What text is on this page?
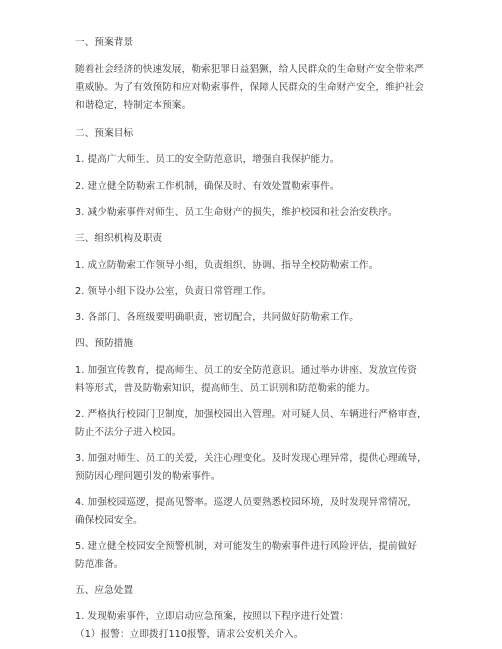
一、预案背景
随着社会经济的快速发展，勒索犯罪日益猖獗，给人民群众的生命财产安全带来严
重威胁。为了有效预防和应对勒索事件，保障人民群众的生命财产安全，维护社会
和谐稳定，特制定本预案。
二、预案目标
1. 提高广大师生、员工的安全防范意识，增强自我保护能力。
2. 建立健全防勒索工作机制，确保及时、有效处置勒索事件。
3. 减少勒索事件对师生、员工生命财产的损失，维护校园和社会治安秩序。
三、组织机构及职责
1. 成立防勒索工作领导小组，负责组织、协调、指导全校防勒索工作。
2. 领导小组下设办公室，负责日常管理工作。
3. 各部门、各班级要明确职责，密切配合，共同做好防勒索工作。
四、预防措施
1. 加强宣传教育，提高师生、员工的安全防范意识。通过举办讲座、发放宣传资
料等形式，普及防勒索知识，提高师生、员工识别和防范勒索的能力。
2. 严格执行校园门卫制度，加强校园出入管理。对可疑人员、车辆进行严格审查，
防止不法分子进入校园。
3. 加强对师生、员工的关爱，关注心理变化。及时发现心理异常，提供心理疏导，
预防因心理问题引发的勒索事件。
4. 加强校园巡逻，提高见警率。巡逻人员要熟悉校园环境，及时发现异常情况，
确保校园安全。
5. 建立健全校园安全预警机制，对可能发生的勒索事件进行风险评估，提前做好
防范准备。
五、应急处置
1. 发现勒索事件，立即启动应急预案，按照以下程序进行处置：
（1）报警：立即拨打110报警，请求公安机关介入。
